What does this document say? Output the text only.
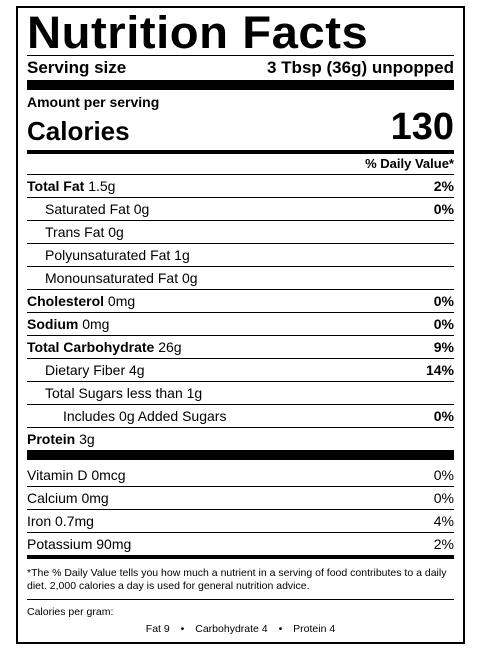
Nutrition Facts
Serving size	3 Tbsp (36g) unpopped
Amount per serving
Calories	130
% Daily Value*
Total Fat 1.5g	2%
Saturated Fat 0g	0%
Trans Fat 0g
Polyunsaturated Fat 1g
Monounsaturated Fat 0g
Cholesterol 0mg	0%
Sodium 0mg	0%
Total Carbohydrate 26g	9%
Dietary Fiber 4g	14%
Total Sugars less than 1g
Includes 0g Added Sugars	0%
Protein 3g
Vitamin D 0mcg	0%
Calcium 0mg	0%
Iron 0.7mg	4%
Potassium 90mg	2%
*The % Daily Value tells you how much a nutrient in a serving of food contributes to a daily diet. 2,000 calories a day is used for general nutrition advice.
Calories per gram:
Fat 9 • Carbohydrate 4 • Protein 4
